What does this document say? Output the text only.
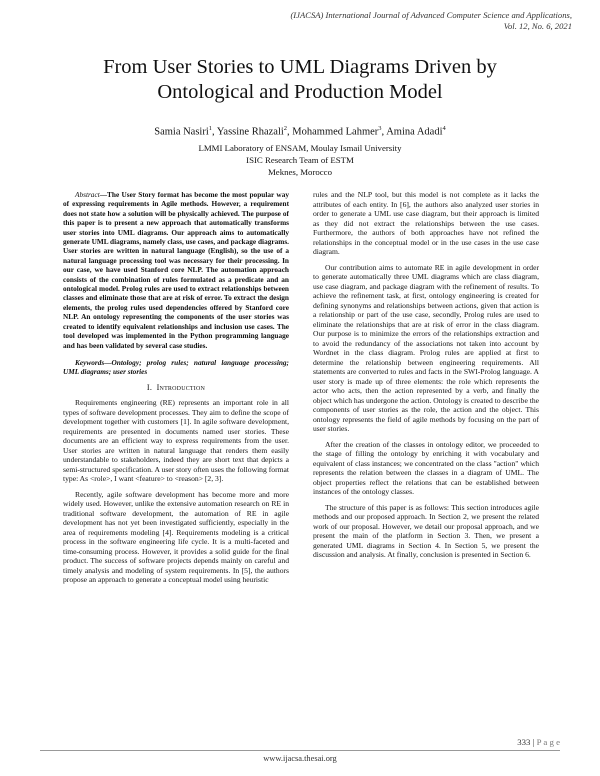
(IJACSA) International Journal of Advanced Computer Science and Applications,
Vol. 12, No. 6, 2021
From User Stories to UML Diagrams Driven by
Ontological and Production Model
Samia Nasiri$^1$, Yassine Rhazali$^2$, Mohammed Lahmer$^3$, Amina Adadi$^4$
LMMI Laboratory of ENSAM, Moulay Ismail University
ISIC Research Team of ESTM
Meknes, Morocco

Abstract—The User Story format has become the most popular way of expressing requirements in Agile methods. However, a requirement does not state how a solution will be physically achieved. The purpose of this paper is to present a new approach that automatically transforms user stories into UML diagrams. Our approach aims to automatically generate UML diagrams, namely class, use cases, and package diagrams. User stories are written in natural language (English), so the use of a natural language processing tool was necessary for their processing. In our case, we have used Stanford core NLP. The automation approach consists of the combination of rules formulated as a predicate and an ontological model. Prolog rules are used to extract relationships between classes and eliminate those that are at risk of error. To extract the design elements, the prolog rules used dependencies offered by Stanford core NLP. An ontology representing the components of the user stories was created to identify equivalent relationships and inclusion use cases. The tool developed was implemented in the Python programming language and has been validated by several case studies.

Keywords—Ontology; prolog rules; natural language processing; UML diagrams; user stories

I. Introduction

Requirements engineering (RE) represents an important role in all types of software development processes. They aim to define the scope of development together with customers [1]. In agile software development, requirements are presented in documents named user stories. These documents are an efficient way to express requirements from the user. User stories are written in natural language that renders them easily understandable to stakeholders, indeed they are short text that depicts a semi-structured specification. A user story often uses the following format type: As <role>, I want <feature> to <reason> [2, 3].

Recently, agile software development has become more and more widely used. However, unlike the extensive automation research on RE in traditional software development, the automation of RE in agile development has not yet been investigated sufficiently, especially in the area of requirements modeling [4]. Requirements modeling is a critical process in the software engineering life cycle. It is a multi-faceted and time-consuming process. However, it provides a solid guide for the final product. The success of software projects depends mainly on careful and timely analysis and modeling of system requirements. In [5], the authors propose an approach to generate a conceptual model using heuristic

rules and the NLP tool, but this model is not complete as it lacks the attributes of each entity. In [6], the authors also analyzed user stories in order to generate a UML use case diagram, but their approach is limited as they did not extract the relationships between the use cases. Furthermore, the authors of both approaches have not refined the relationships in the conceptual model or in the use cases in the use case diagram.

Our contribution aims to automate RE in agile development in order to generate automatically three UML diagrams which are class diagram, use case diagram, and package diagram with the refinement of results. To achieve the refinement task, at first, ontology engineering is created for defining synonyms and relationships between actions, given that action is a relationship or part of the use case, secondly, Prolog rules are used to eliminate the relationships that are at risk of error in the class diagram. Our purpose is to minimize the errors of the relationships extraction and to avoid the redundancy of the associations not taken into account by Wordnet in the class diagram. Prolog rules are applied at first to determine the relationship between engineering requirements. All statements are converted to rules and facts in the SWI-Prolog language. A user story is made up of three elements: the role which represents the actor who acts, then the action represented by a verb, and finally the object which has undergone the action. Ontology is created to describe the components of user stories as the role, the action and the object. This ontology represents the field of agile methods by focusing on the part of user stories.

After the creation of the classes in ontology editor, we proceeded to the stage of filling the ontology by enriching it with vocabulary and equivalent of class instances; we concentrated on the class "action" which represents the relation between the classes in a diagram of UML. The object properties reflect the relations that can be established between instances of the ontology classes.

The structure of this paper is as follows: This section introduces agile methods and our proposed approach. In Section 2, we present the related work of our proposal. However, we detail our proposal approach, and we present the main of the platform in Section 3. Then, we present a generated UML diagrams in Section 4. In Section 5, we present the discussion and analysis. At finally, conclusion is presented in Section 6.

333 | P a g e
www.ijacsa.thesai.org
